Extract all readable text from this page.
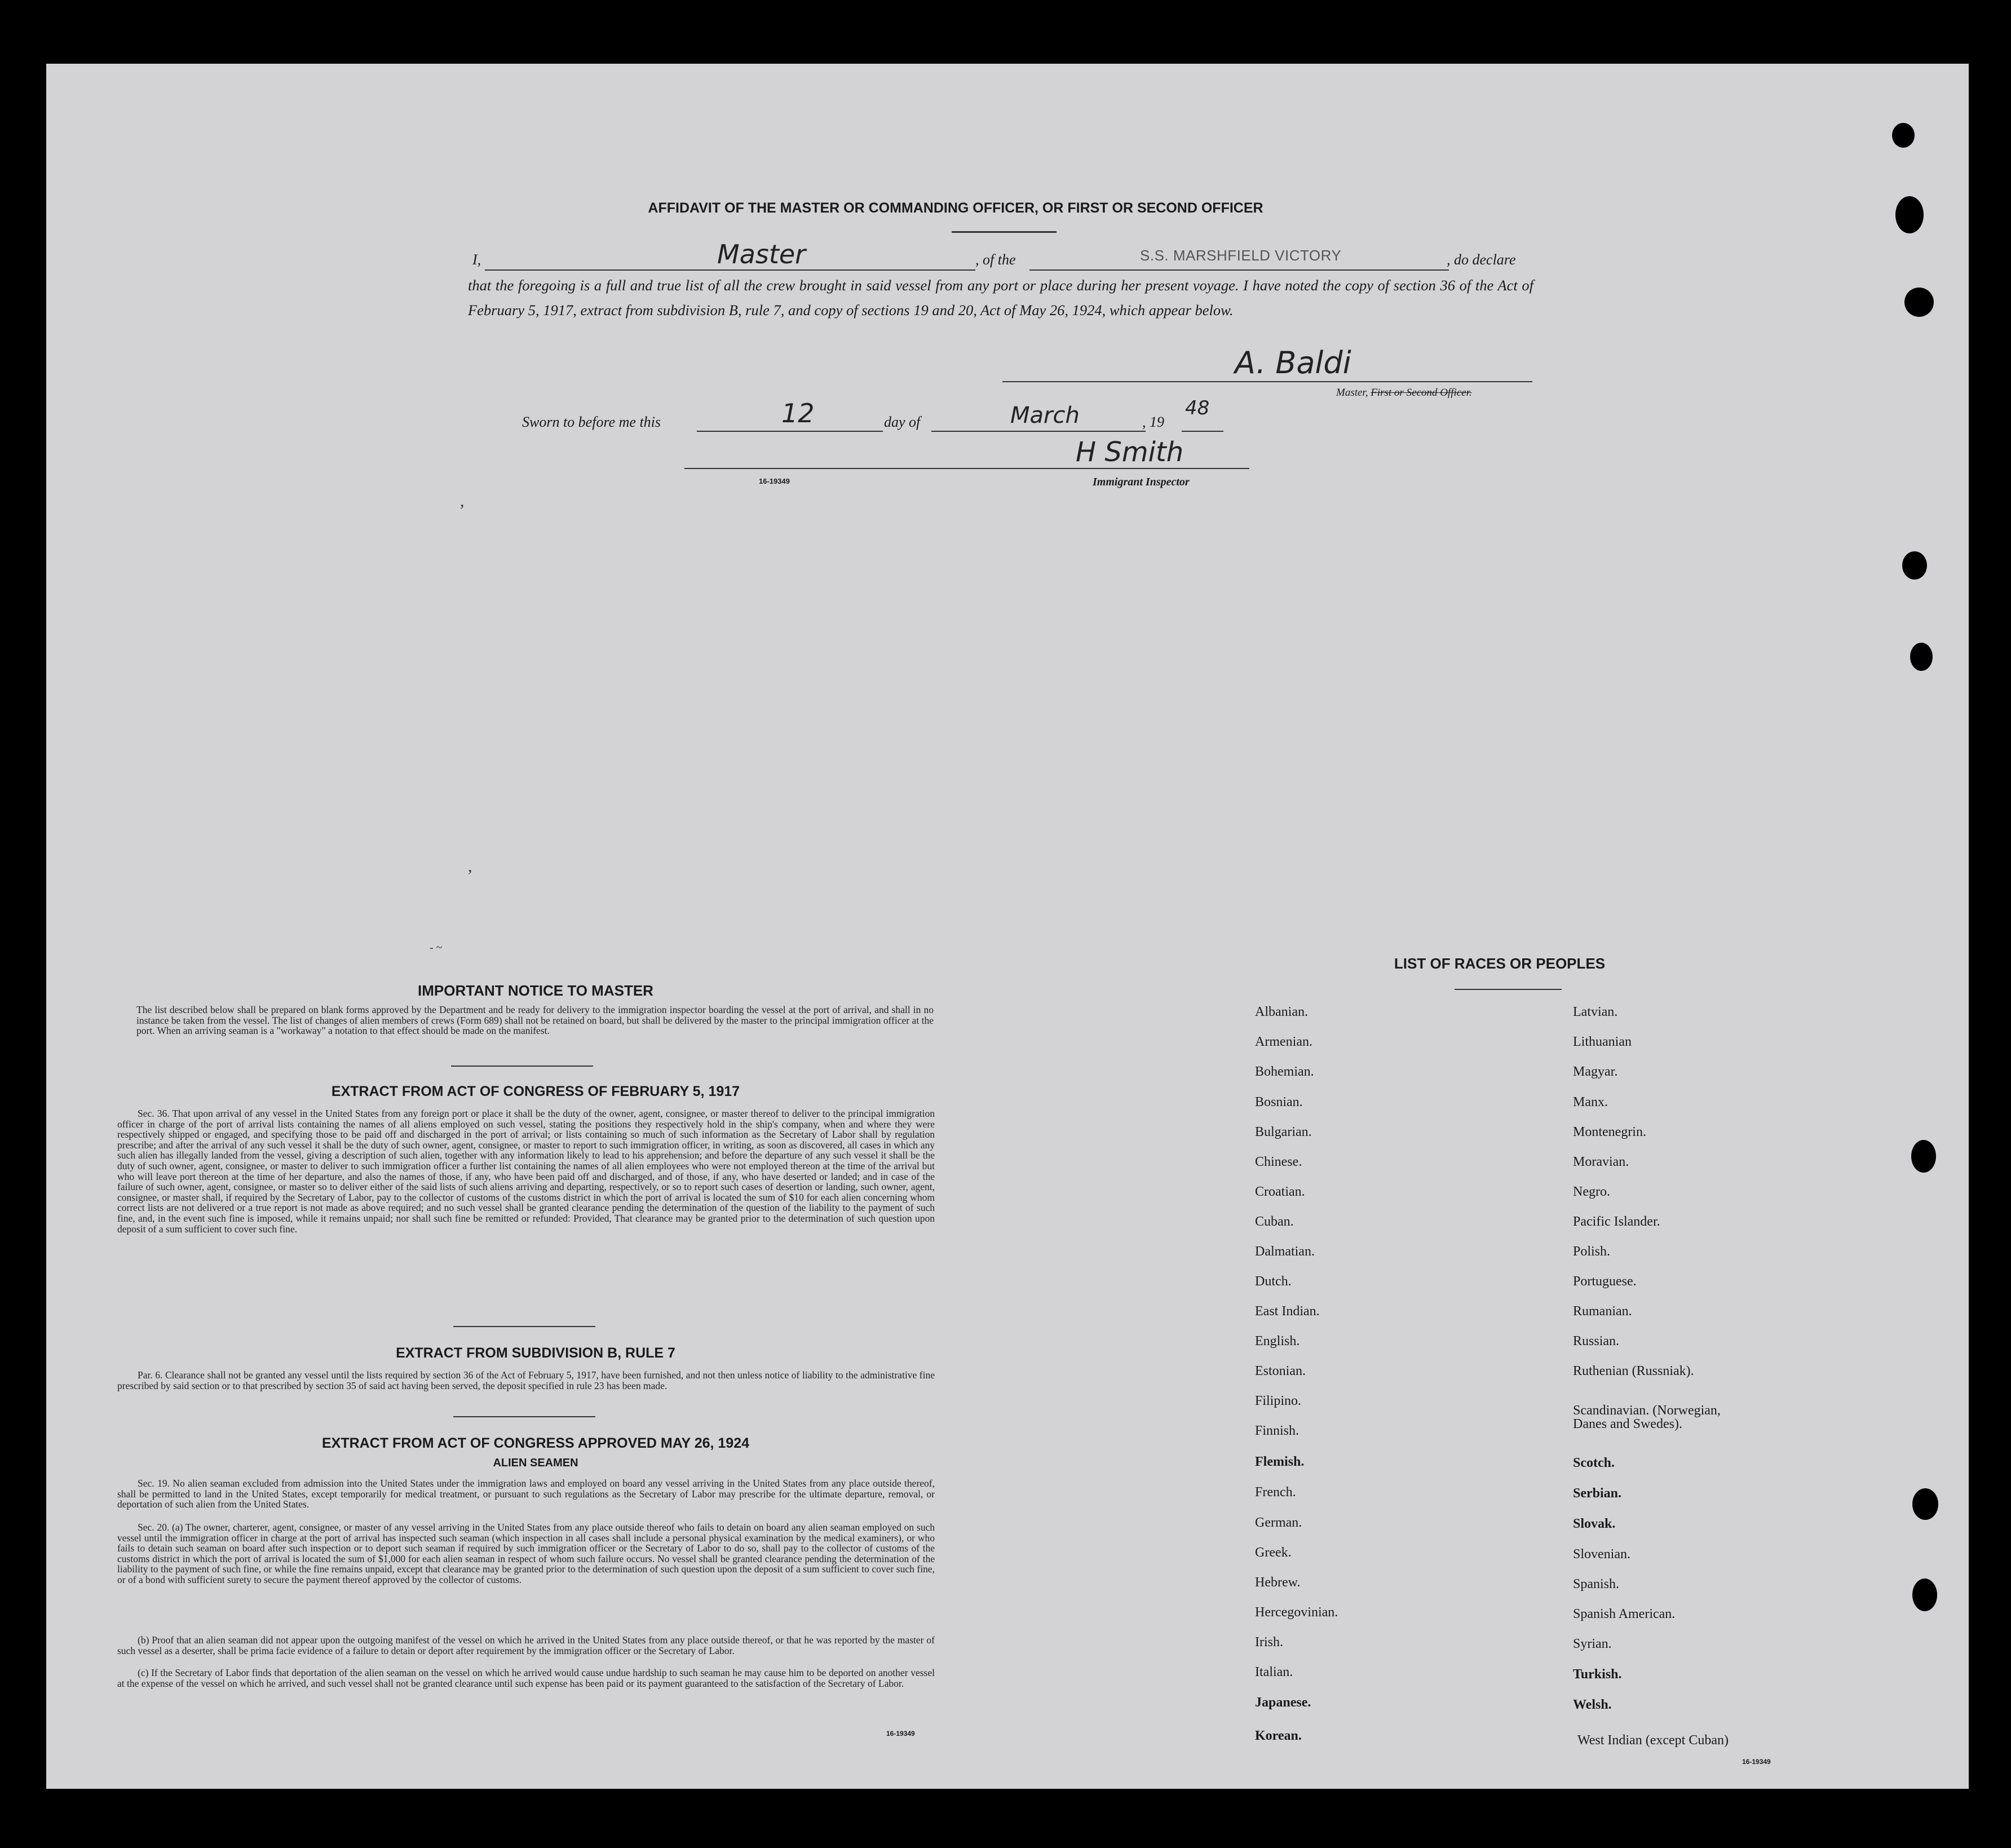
AFFIDAVIT OF THE MASTER OR COMMANDING OFFICER, OR FIRST OR SECOND OFFICER
I,	Master	, of the	S.S. MARSHFIELD VICTORY	, do declare
that the foregoing is a full and true list of all the crew brought in said vessel from any port or place during her present voyage. I have noted the copy of section 36 of the Act of February 5, 1917, extract from subdivision B, rule 7, and copy of sections 19 and 20, Act of May 26, 1924, which appear below.
A. Baldi
Master, First or Second Officer.
Sworn to before me this	12	day of	March	, 19
48
H Smith
16-19349	Immigrant Inspector
,
,
- ~
IMPORTANT NOTICE TO MASTER
The list described below shall be prepared on blank forms approved by the Department and be ready for delivery to the immigration inspector boarding the vessel at the port of arrival, and shall in no instance be taken from the vessel. The list of changes of alien members of crews (Form 689) shall not be retained on board, but shall be delivered by the master to the principal immigration officer at the port. When an arriving seaman is a "workaway" a notation to that effect should be made on the manifest.
EXTRACT FROM ACT OF CONGRESS OF FEBRUARY 5, 1917
Sec. 36. That upon arrival of any vessel in the United States from any foreign port or place it shall be the duty of the owner, agent, consignee, or master thereof to deliver to the principal immigration officer in charge of the port of arrival lists containing the names of all aliens employed on such vessel, stating the positions they respectively hold in the ship's company, when and where they were respectively shipped or engaged, and specifying those to be paid off and discharged in the port of arrival; or lists containing so much of such information as the Secretary of Labor shall by regulation prescribe; and after the arrival of any such vessel it shall be the duty of such owner, agent, consignee, or master to report to such immigration officer, in writing, as soon as discovered, all cases in which any such alien has illegally landed from the vessel, giving a description of such alien, together with any information likely to lead to his apprehension; and before the departure of any such vessel it shall be the duty of such owner, agent, consignee, or master to deliver to such immigration officer a further list containing the names of all alien employees who were not employed thereon at the time of the arrival but who will leave port thereon at the time of her departure, and also the names of those, if any, who have been paid off and discharged, and of those, if any, who have deserted or landed; and in case of the failure of such owner, agent, consignee, or master so to deliver either of the said lists of such aliens arriving and departing, respectively, or so to report such cases of desertion or landing, such owner, agent, consignee, or master shall, if required by the Secretary of Labor, pay to the collector of customs of the customs district in which the port of arrival is located the sum of $10 for each alien concerning whom correct lists are not delivered or a true report is not made as above required; and no such vessel shall be granted clearance pending the determination of the question of the liability to the payment of such fine, and, in the event such fine is imposed, while it remains unpaid; nor shall such fine be remitted or refunded: Provided, That clearance may be granted prior to the determination of such question upon deposit of a sum sufficient to cover such fine.
EXTRACT FROM SUBDIVISION B, RULE 7
Par. 6. Clearance shall not be granted any vessel until the lists required by section 36 of the Act of February 5, 1917, have been furnished, and not then unless notice of liability to the administrative fine prescribed by said section or to that prescribed by section 35 of said act having been served, the deposit specified in rule 23 has been made.
EXTRACT FROM ACT OF CONGRESS APPROVED MAY 26, 1924
ALIEN SEAMEN
Sec. 19. No alien seaman excluded from admission into the United States under the immigration laws and employed on board any vessel arriving in the United States from any place outside thereof, shall be permitted to land in the United States, except temporarily for medical treatment, or pursuant to such regulations as the Secretary of Labor may prescribe for the ultimate departure, removal, or deportation of such alien from the United States.
Sec. 20. (a) The owner, charterer, agent, consignee, or master of any vessel arriving in the United States from any place outside thereof who fails to detain on board any alien seaman employed on such vessel until the immigration officer in charge at the port of arrival has inspected such seaman (which inspection in all cases shall include a personal physical examination by the medical examiners), or who fails to detain such seaman on board after such inspection or to deport such seaman if required by such immigration officer or the Secretary of Labor to do so, shall pay to the collector of customs of the customs district in which the port of arrival is located the sum of $1,000 for each alien seaman in respect of whom such failure occurs. No vessel shall be granted clearance pending the determination of the liability to the payment of such fine, or while the fine remains unpaid, except that clearance may be granted prior to the determination of such question upon the deposit of a sum sufficient to cover such fine, or of a bond with sufficient surety to secure the payment thereof approved by the collector of customs.
(b) Proof that an alien seaman did not appear upon the outgoing manifest of the vessel on which he arrived in the United States from any place outside thereof, or that he was reported by the master of such vessel as a deserter, shall be prima facie evidence of a failure to detain or deport after requirement by the immigration officer or the Secretary of Labor.
(c) If the Secretary of Labor finds that deportation of the alien seaman on the vessel on which he arrived would cause undue hardship to such seaman he may cause him to be deported on another vessel at the expense of the vessel on which he arrived, and such vessel shall not be granted clearance until such expense has been paid or its payment guaranteed to the satisfaction of the Secretary of Labor.
16-19349
LIST OF RACES OR PEOPLES
Albanian.
Armenian.
Bohemian.
Bosnian.
Bulgarian.
Chinese.
Croatian.
Cuban.
Dalmatian.
Dutch.
East Indian.
English.
Estonian.
Filipino.
Finnish.
Flemish.
French.
German.
Greek.
Hebrew.
Hercegovinian.
Irish.
Italian.
Japanese.
Korean.
Latvian.
Lithuanian
Magyar.
Manx.
Montenegrin.
Moravian.
Negro.
Pacific Islander.
Polish.
Portuguese.
Rumanian.
Russian.
Ruthenian (Russniak).
Scandinavian. (Norwegian,
Danes and Swedes).
Scotch.
Serbian.
Slovak.
Slovenian.
Spanish.
Spanish American.
Syrian.
Turkish.
Welsh.
West Indian (except Cuban)
16-19349
